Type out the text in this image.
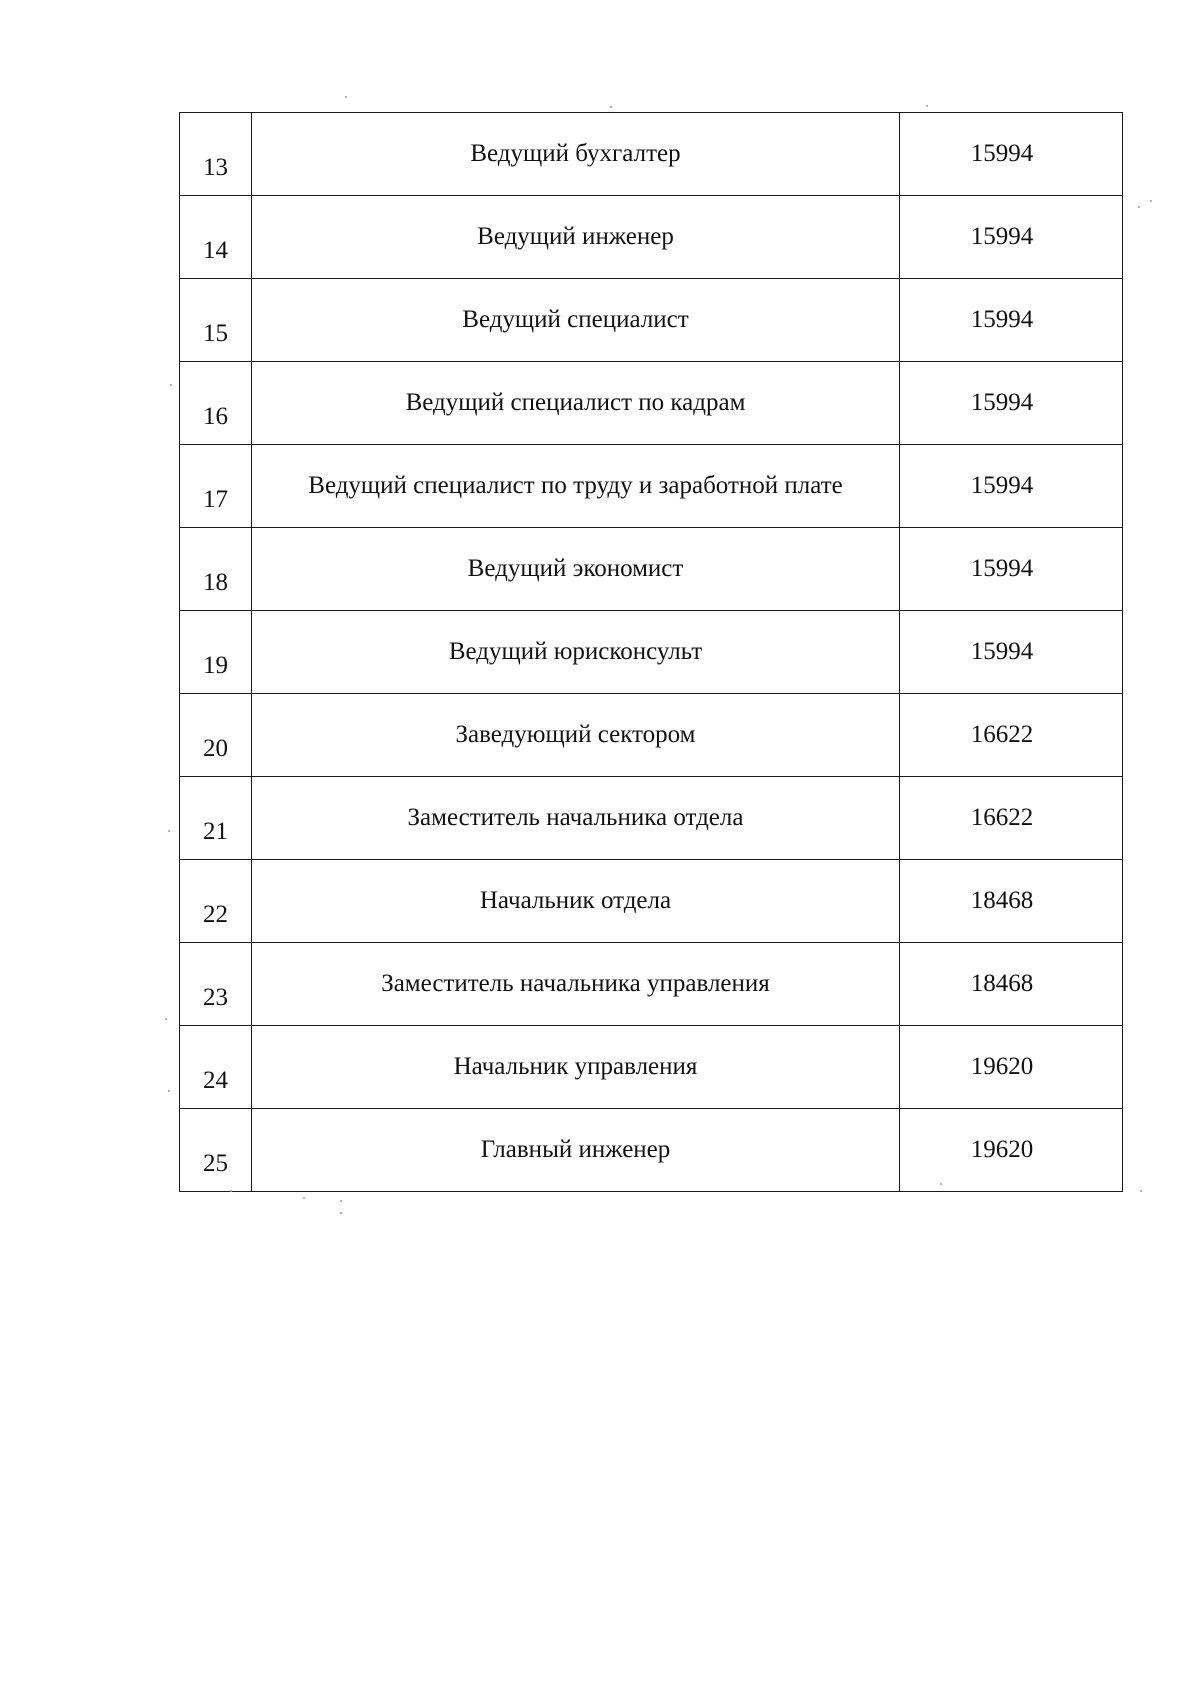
13	Ведущий бухгалтер	15994
14	Ведущий инженер	15994
15	Ведущий специалист	15994
16	Ведущий специалист по кадрам	15994
17	Ведущий специалист по труду и заработной плате	15994
18	Ведущий экономист	15994
19	Ведущий юрисконсульт	15994
20	Заведующий сектором	16622
21	Заместитель начальника отдела	16622
22	Начальник отдела	18468
23	Заместитель начальника управления	18468
24	Начальник управления	19620
25	Главный инженер	19620
